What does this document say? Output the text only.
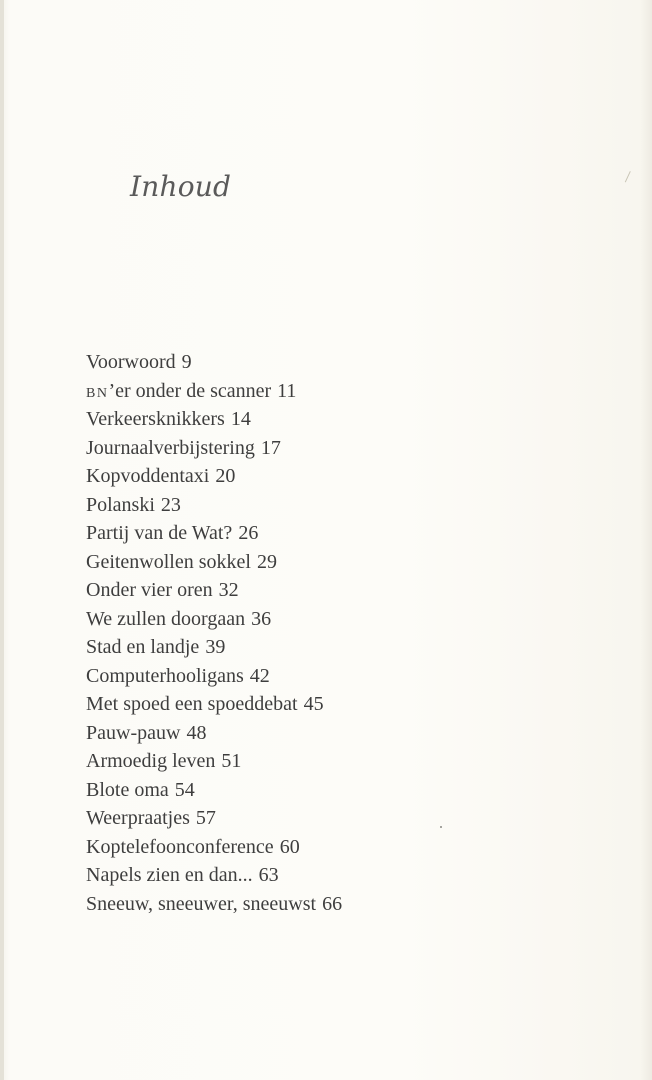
Inhoud
Voorwoord 9
BN’er onder de scanner 11
Verkeersknikkers 14
Journaalverbijstering 17
Kopvoddentaxi 20
Polanski 23
Partij van de Wat? 26
Geitenwollen sokkel 29
Onder vier oren 32
We zullen doorgaan 36
Stad en landje 39
Computerhooligans 42
Met spoed een spoeddebat 45
Pauw-pauw 48
Armoedig leven 51
Blote oma 54
Weerpraatjes 57
Koptelefoonconference 60
Napels zien en dan... 63
Sneeuw, sneeuwer, sneeuwst 66
